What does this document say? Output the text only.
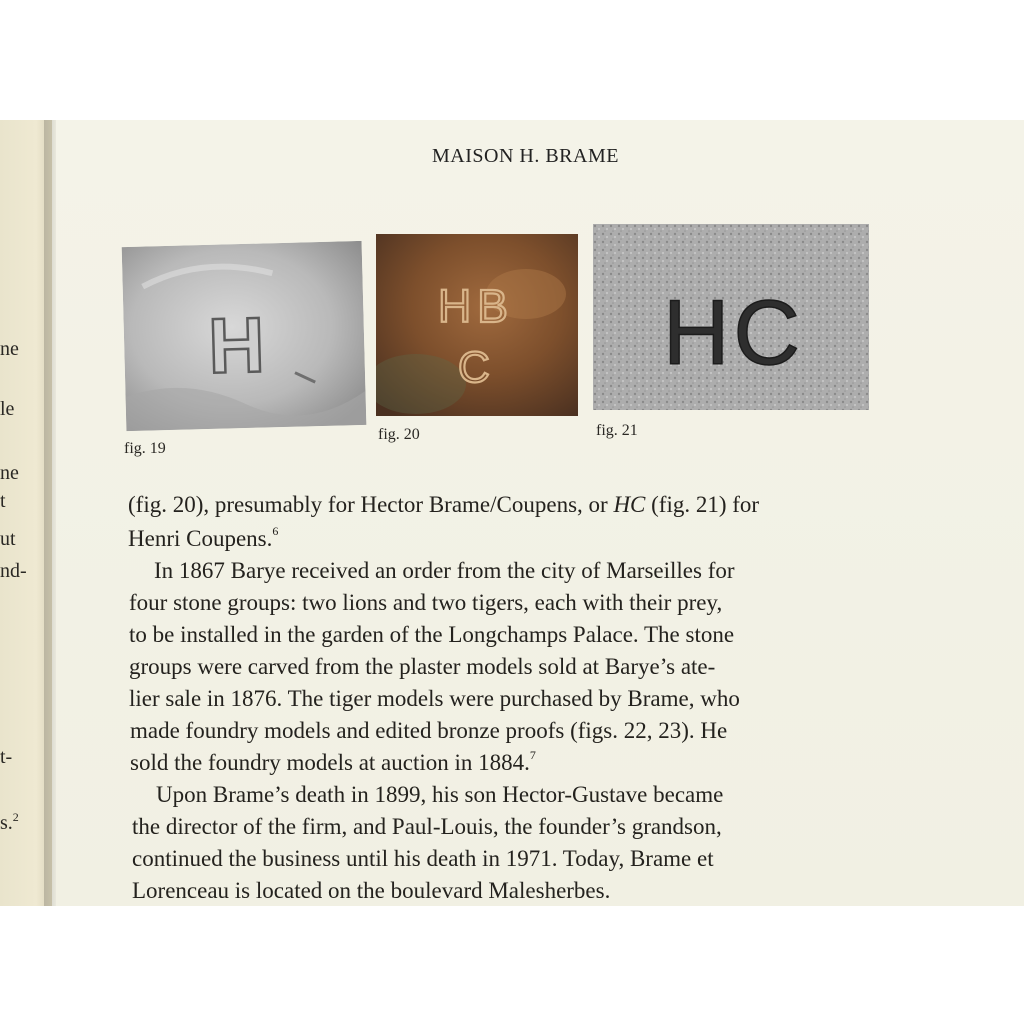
ne
le
ne
t
ut
nd-
t-
s.$^2$
MAISON H. BRAME
H
fig. 19
HB
C
fig. 20
HC
fig. 21
(fig. 20), presumably for Hector Brame/Coupens, or HC (fig. 21) for
Henri Coupens.$^6$
In 1867 Barye received an order from the city of Marseilles for
four stone groups: two lions and two tigers, each with their prey,
to be installed in the garden of the Longchamps Palace. The stone
groups were carved from the plaster models sold at Barye’s ate-
lier sale in 1876. The tiger models were purchased by Brame, who
made foundry models and edited bronze proofs (figs. 22, 23). He
sold the foundry models at auction in 1884.$^7$
Upon Brame’s death in 1899, his son Hector-Gustave became
the director of the firm, and Paul-Louis, the founder’s grandson,
continued the business until his death in 1971. Today, Brame et
Lorenceau is located on the boulevard Malesherbes.
